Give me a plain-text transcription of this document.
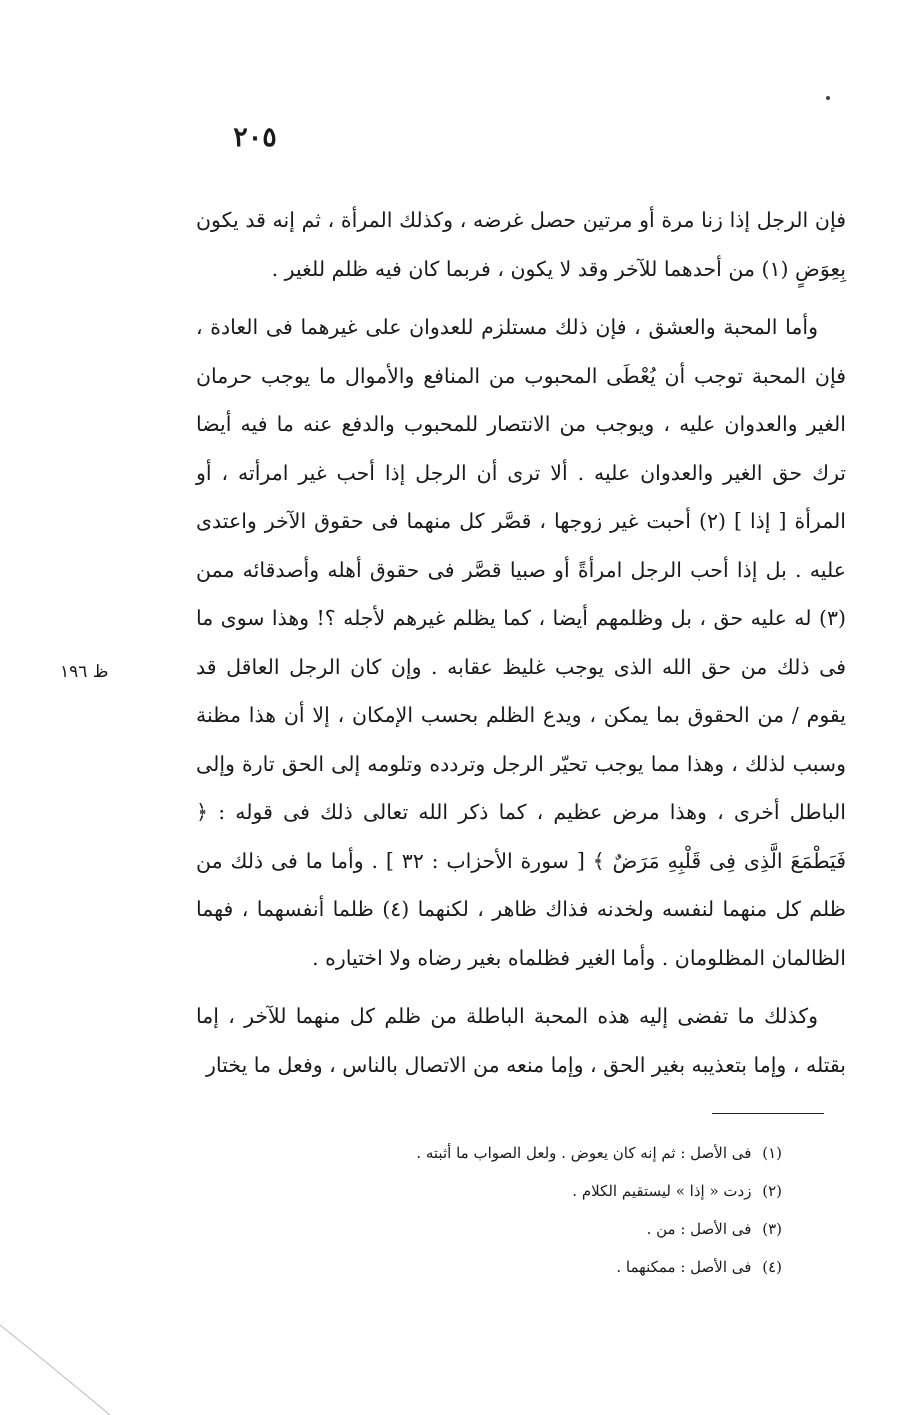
٢٠٥

فإن الرجل إذا زنا مرة أو مرتين حصل غرضه ، وكذلك المرأة ، ثم إنه قد يكون بِعِوَضٍ (١) من أحدهما للآخر وقد لا يكون ، فربما كان فيه ظلم للغير .

وأما المحبة والعشق ، فإن ذلك مستلزم للعدوان على غيرهما فى العادة ، فإن المحبة توجب أن يُعْطَى المحبوب من المنافع والأموال ما يوجب حرمان الغير والعدوان عليه ، ويوجب من الانتصار للمحبوب والدفع عنه ما فيه أيضا ترك حق الغير والعدوان عليه . ألا ترى أن الرجل إذا أحب غير امرأته ، أو المرأة [ إذا ] (٢) أحبت غير زوجها ، قصَّر كل منهما فى حقوق الآخر واعتدى عليه . بل إذا أحب الرجل امرأةً أو صبيا قصَّر فى حقوق أهله وأصدقائه ممن (٣) له عليه حق ، بل وظلمهم أيضا ، كما يظلم غيرهم لأجله ؟! وهذا سوى ما فى ذلك من حق الله الذى يوجب غليظ عقابه . وإن كان الرجل العاقل قد يقوم / من الحقوق بما يمكن ، ويدع الظلم بحسب الإمكان ، إلا أن هذا مظنة وسبب لذلك ، وهذا مما يوجب تحيّر الرجل وتردده وتلومه إلى الحق تارة وإلى الباطل أخرى ، وهذا مرض عظيم ، كما ذكر الله تعالى ذلك فى قوله : ﴿ فَيَطْمَعَ الَّذِى فِى قَلْبِهِ مَرَضٌ ﴾ [ سورة الأحزاب : ٣٢ ] . وأما ما فى ذلك من ظلم كل منهما لنفسه ولخدنه فذاك ظاهر ، لكنهما (٤) ظلما أنفسهما ، فهما الظالمان المظلومان . وأما الغير فظلماه بغير رضاه ولا اختياره .

وكذلك ما تفضى إليه هذه المحبة الباطلة من ظلم كل منهما للآخر ، إما بقتله ، وإما بتعذيبه بغير الحق ، وإما منعه من الاتصال بالناس ، وفعل ما يختار

ظ ١٩٦
(١) فى الأصل : ثم إنه كان يعوض . ولعل الصواب ما أثبته .
(٢) زدت « إذا » ليستقيم الكلام .
(٣) فى الأصل : من .
(٤) فى الأصل : ممكنهما .
